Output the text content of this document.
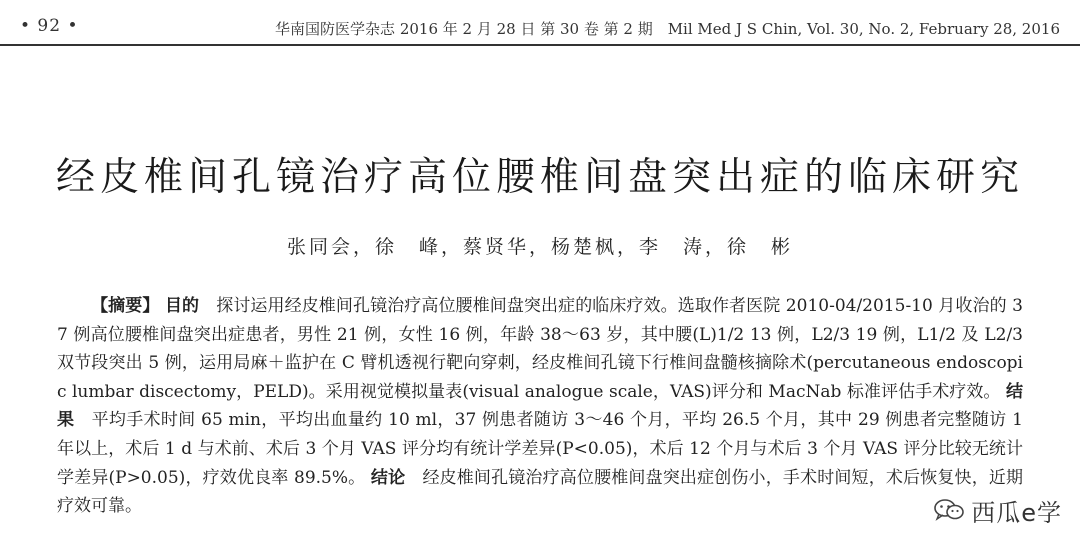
• 92 •	华南国防医学杂志 2016 年 2 月 28 日 第 30 卷 第 2 期　Mil Med J S Chin, Vol. 30, No. 2, February 28, 2016
经皮椎间孔镜治疗高位腰椎间盘突出症的临床研究
张同会，徐　峰，蔡贤华，杨楚枫，李　涛，徐　彬
【摘要】 目的　 探讨运用经皮椎间孔镜治疗高位腰椎间盘突出症的临床疗效。选取作者医院 2010-04/2015-10 月收治的 37 例高位腰椎间盘突出症患者，男性 21 例，女性 16 例，年龄 38～63 岁，其中腰(L)1/2 13 例，L2/3 19 例，L1/2 及 L2/3 双节段突出 5 例，运用局麻＋监护在 C 臂机透视行靶向穿刺，经皮椎间孔镜下行椎间盘髓核摘除术(percutaneous endoscopic lumbar discectomy，PELD)。采用视觉模拟量表(visual analogue scale，VAS)评分和 MacNab 标准评估手术疗效。 结果　 平均手术时间 65 min，平均出血量约 10 ml，37 例患者随访 3～46 个月，平均 26.5 个月，其中 29 例患者完整随访 1 年以上，术后 1 d 与术前、术后 3 个月 VAS 评分均有统计学差异(P<0.05)，术后 12 个月与术后 3 个月 VAS 评分比较无统计学差异(P>0.05)，疗效优良率 89.5%。 结论　 经皮椎间孔镜治疗高位腰椎间盘突出症创伤小，手术时间短，术后恢复快，近期疗效可靠。	西瓜e学
